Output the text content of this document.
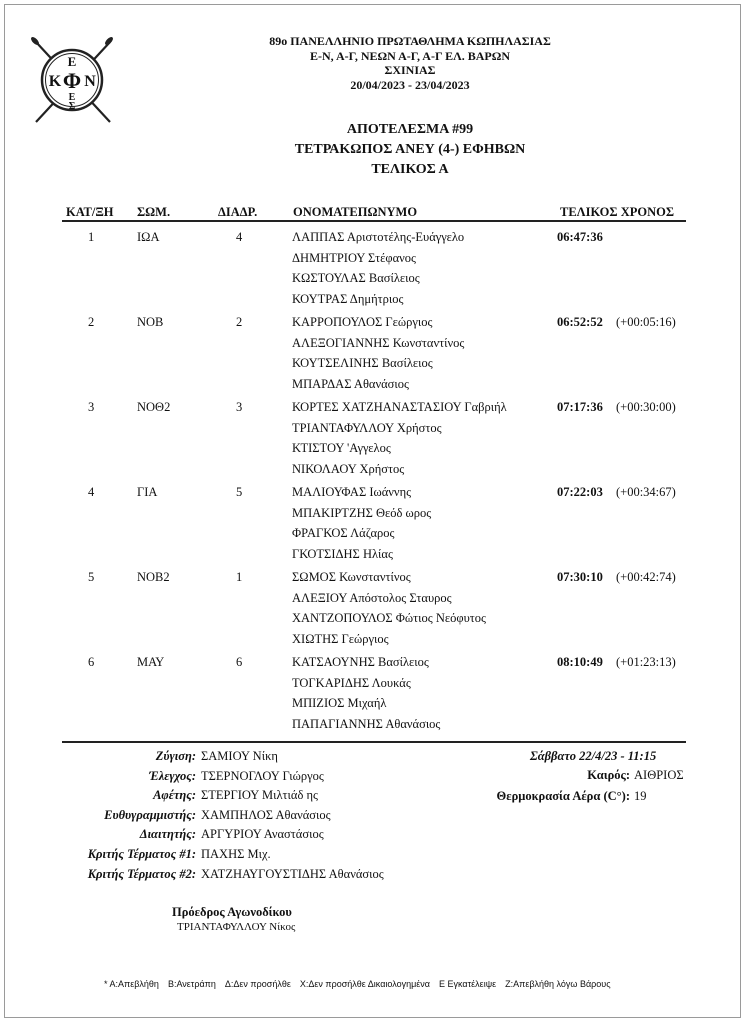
Ε
Κ Φ Ν
Ε
Σ
89ο ΠΑΝΕΛΛΗΝΙΟ ΠΡΩΤΑΘΛΗΜΑ ΚΩΠΗΛΑΣΙΑΣ
Ε-Ν, Α-Γ, ΝΕΩΝ Α-Γ, Α-Γ ΕΛ. ΒΑΡΩΝ
ΣΧΙΝΙΑΣ
20/04/2023 - 23/04/2023
ΑΠΟΤΕΛΕΣΜΑ #99
ΤΕΤΡΑΚΩΠΟΣ ΑΝΕΥ (4-) ΕΦΗΒΩΝ
ΤΕΛΙΚΟΣ Α
ΚΑΤ/ΞΗ ΣΩΜ.	ΔΙΑΔΡ.	ΟΝΟΜΑΤΕΠΩΝΥΜΟ	ΤΕΛΙΚΟΣ ΧΡΟΝΟΣ
1	ΙΩΑ	4	ΛΑΠΠΑΣ Αριστοτέλης-Ευάγγελο
ΔΗΜΗΤΡΙΟΥ Στέφανος
ΚΩΣΤΟΥΛΑΣ Βασίλειος
ΚΟΥΤΡΑΣ Δημήτριος
06:47:36
2	ΝΟΒ	2	ΚΑΡΡΟΠΟΥΛΟΣ Γεώργιος
ΑΛΕΞΟΓΙΑΝΝΗΣ Κωνσταντίνος
ΚΟΥΤΣΕΛΙΝΗΣ Βασίλειος
ΜΠΑΡΔΑΣ Αθανάσιος
06:52:52 (+00:05:16)
3	ΝΟΘ2	3	ΚΟΡΤΕΣ ΧΑΤΖΗΑΝΑΣΤΑΣΙΟΥ Γαβριήλ
ΤΡΙΑΝΤΑΦΥΛΛΟΥ Χρήστος
ΚΤΙΣΤΟΥ 'Αγγελος
ΝΙΚΟΛΑΟΥ Χρήστος
07:17:36 (+00:30:00)
4	ΓΙΑ	5	ΜΑΛΙΟΥΦΑΣ Ιωάννης
ΜΠΑΚΙΡΤΖΗΣ Θεόδ ωρος
ΦΡΑΓΚΟΣ Λάζαρος
ΓΚΟΤΣΙΔΗΣ Ηλίας
07:22:03 (+00:34:67)
5	ΝΟΒ2	1	ΣΩΜΟΣ Κωνσταντίνος
ΑΛΕΞΙΟΥ Απόστολος Σταυρος
ΧΑΝΤΖΟΠΟΥΛΟΣ Φώτιος Νεόφυτος
ΧΙΩΤΗΣ Γεώργιος
07:30:10 (+00:42:74)
6	ΜΑΥ	6	ΚΑΤΣΑΟΥΝΗΣ Βασίλειος
ΤΟΓΚΑΡΙΔΗΣ Λουκάς
ΜΠΙΖΙΟΣ Μιχαήλ
ΠΑΠΑΓΙΑΝΝΗΣ Αθανάσιος
08:10:49 (+01:23:13)
Ζύγιση: ΣΑΜΙΟΥ Νίκη
Έλεγχος: ΤΣΕΡΝΟΓΛΟΥ Γιώργος
Αφέτης: ΣΤΕΡΓΙΟΥ Μιλτιάδ ης
Ευθυγραμμιστής: ΧΑΜΠΗΛΟΣ Αθανάσιος
Διαιτητής: ΑΡΓΥΡΙΟΥ Αναστάσιος
Κριτής Τέρματος #1: ΠΑΧΗΣ Μιχ.
Κριτής Τέρματος #2: ΧΑΤΖΗΑΥΓΟΥΣΤΙΔΗΣ Αθανάσιος
Σάββατο 22/4/23 - 11:15
Καιρός: ΑΙΘΡΙΟΣ
Θερμοκρασία Αέρα (C°): 19
Πρόεδρος Αγωνοδίκου
ΤΡΙΑΝΤΑΦΥΛΛΟΥ Νίκος
* Α:Απεβλήθη Β:Ανετράπη Δ:Δεν προσήλθε Χ:Δεν προσήλθε Δικαιολογημένα Ε Εγκατέλειψε Ζ:Απεβλήθη λόγω Βάρους
